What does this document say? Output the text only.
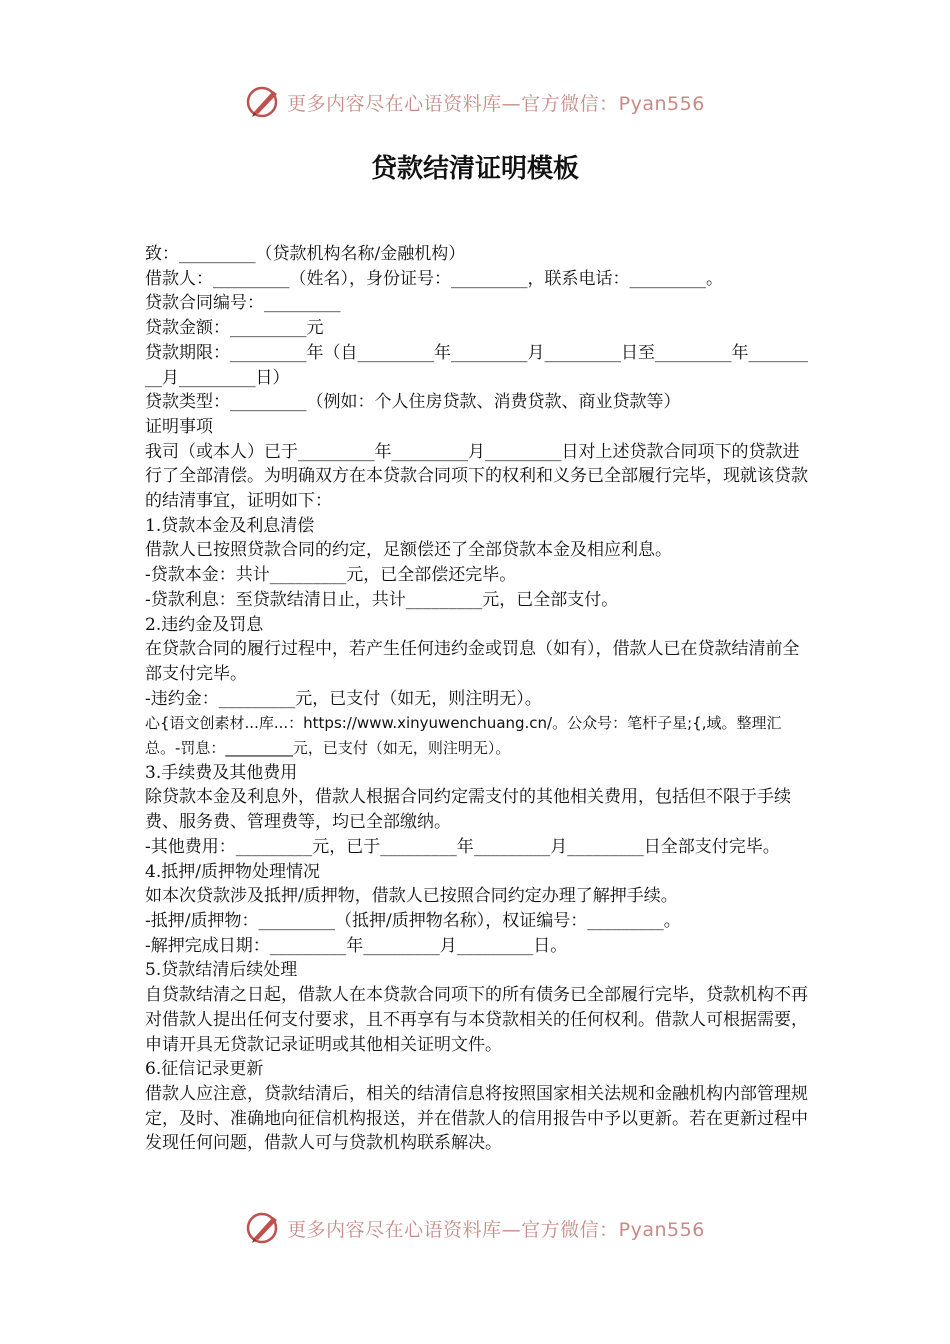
更多内容尽在心语资料库—官方微信：Pyan556
贷款结清证明模板

致：_________（贷款机构名称/金融机构）

借款人：_________（姓名），身份证号：_________，联系电话：_________。

贷款合同编号：_________

贷款金额：_________元

贷款期限：_________年（自_________年_________月_________日至_________年_________月_________日）

贷款类型：_________（例如：个人住房贷款、消费贷款、商业贷款等）

证明事项

我司（或本人）已于_________年_________月_________日对上述贷款合同项下的贷款进行了全部清偿。为明确双方在本贷款合同项下的权利和义务已全部履行完毕，现就该贷款的结清事宜，证明如下：

1.贷款本金及利息清偿

借款人已按照贷款合同的约定，足额偿还了全部贷款本金及相应利息。

-贷款本金：共计_________元，已全部偿还完毕。

-贷款利息：至贷款结清日止，共计_________元，已全部支付。

2.违约金及罚息

在贷款合同的履行过程中，若产生任何违约金或罚息（如有），借款人已在贷款结清前全部支付完毕。

-违约金：_________元，已支付（如无，则注明无）。

心{语文创素材...库...：https://www.xinyuwenchuang.cn/。公众号：笔杆子星;{,域。整理汇总。-罚息：_________元，已支付（如无，则注明无）。

3.手续费及其他费用

除贷款本金及利息外，借款人根据合同约定需支付的其他相关费用，包括但不限于手续费、服务费、管理费等，均已全部缴纳。

-其他费用：_________元，已于_________年_________月_________日全部支付完毕。

4.抵押/质押物处理情况

如本次贷款涉及抵押/质押物，借款人已按照合同约定办理了解押手续。

-抵押/质押物：_________（抵押/质押物名称），权证编号：_________。

-解押完成日期：_________年_________月_________日。

5.贷款结清后续处理

自贷款结清之日起，借款人在本贷款合同项下的所有债务已全部履行完毕，贷款机构不再对借款人提出任何支付要求，且不再享有与本贷款相关的任何权利。借款人可根据需要，申请开具无贷款记录证明或其他相关证明文件。

6.征信记录更新

借款人应注意，贷款结清后，相关的结清信息将按照国家相关法规和金融机构内部管理规定，及时、准确地向征信机构报送，并在借款人的信用报告中予以更新。若在更新过程中发现任何问题，借款人可与贷款机构联系解决。

更多内容尽在心语资料库—官方微信：Pyan556
